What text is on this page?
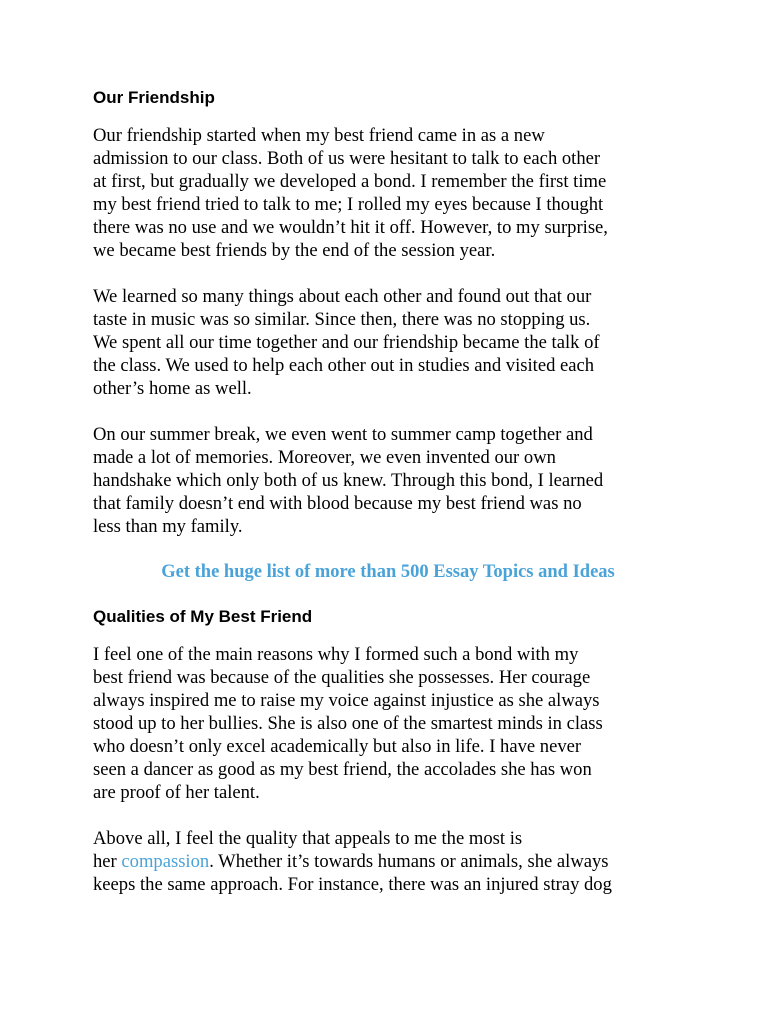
Our Friendship
Our friendship started when my best friend came in as a new
admission to our class. Both of us were hesitant to talk to each other
at first, but gradually we developed a bond. I remember the first time
my best friend tried to talk to me; I rolled my eyes because I thought
there was no use and we wouldn’t hit it off. However, to my surprise,
we became best friends by the end of the session year.
We learned so many things about each other and found out that our
taste in music was so similar. Since then, there was no stopping us.
We spent all our time together and our friendship became the talk of
the class. We used to help each other out in studies and visited each
other’s home as well.
On our summer break, we even went to summer camp together and
made a lot of memories. Moreover, we even invented our own
handshake which only both of us knew. Through this bond, I learned
that family doesn’t end with blood because my best friend was no
less than my family.
Get the huge list of more than 500 Essay Topics and Ideas
Qualities of My Best Friend
I feel one of the main reasons why I formed such a bond with my
best friend was because of the qualities she possesses. Her courage
always inspired me to raise my voice against injustice as she always
stood up to her bullies. She is also one of the smartest minds in class
who doesn’t only excel academically but also in life. I have never
seen a dancer as good as my best friend, the accolades she has won
are proof of her talent.
Above all, I feel the quality that appeals to me the most is
her compassion. Whether it’s towards humans or animals, she always
keeps the same approach. For instance, there was an injured stray dog
